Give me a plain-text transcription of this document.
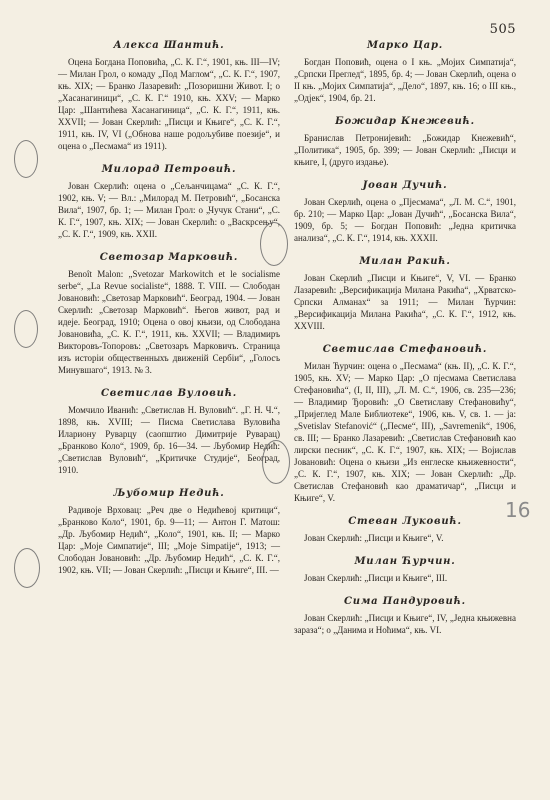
505
Алекса Шантић.

Оцена Богдана Поповића, „С. К. Г.“, 1901, књ. III—IV; — Милан Грол, о комаду „Под Маглом“, „С. К. Г.“, 1907, књ. XIX; — Бранко Лазаревић: „Позоришни Живот. I; о „Хасанагиници“, „С. К. Г.“ 1910, књ. XXV; — Марко Цар: „Шантићева Хасанагиница“, „С. К. Г.“, 1911, књ. XXVII; — Јован Скерлић: „Писци и Књиге“, „С. К. Г.“, 1911, књ. IV, VI („Обнова наше родољубиве поезије“, и оцена о „Песмама“ из 1911).

Милорад Петровић.

Јован Скерлић: оцена о „Сељанчицама“ „С. К. Г.“, 1902, књ. V; — Вл.: „Милорад М. Петровић“, „Босанска Вила“, 1907, бр. 1; — Милан Грол: о „Чучук Стани“, „С. К. Г.“, 1907, књ. XIX; — Јован Скерлић: о „Васкрсењу“, „С. К. Г.“, 1909, књ. XXII.

Светозар Марковић.

Benoît Malon: „Svetozar Markowitch et le socialisme serbe“, „La Revue socialiste“, 1888. T. VIII. — Слободан Јовановић: „Светозар Марковић“. Београд, 1904. — Јован Скерлић: „Светозар Марковић“. Његов живот, рад и идеје. Београд, 1910; Оцена о овој књизи, од Слободана Јовановића, „С. К. Г.“, 1911, књ. XXVII; — Владимиръ Викторовъ-Топоровъ: „Светозаръ Марковичъ. Страница изъ исторіи общественныхъ движеній Сербіи“, „Голосъ Минувшаго“, 1913. № 3.

Светислав Вуловић.

Момчило Иванић: „Светислав Н. Вуловић“. „Г. Н. Ч.“, 1898, књ. XVIII; — Писма Светислава Вуловића Илариону Руварцу (саопштио Димитрије Руварац) „Бранково Коло“, 1909, бр. 16—34. — Љубомир Недић: „Светислав Вуловић“, „Критичке Студије“, Београд, 1910.

Љубомир Недић.

Радивоје Врховац: „Реч две о Недићевој критици“, „Бранково Коло“, 1901, бр. 9—11; — Антон Г. Матош: „Др. Љубомир Недић“, „Коло“, 1901, књ. II; — Марко Цар: „Моје Симпатије“, III; „Moje Simpatije“, 1913; — Слободан Јовановић: „Др. Љубомир Недић“, „С. К. Г.“, 1902, књ. VII; — Јован Скерлић: „Писци и Књиге“, III. —

Марко Цар.

Богдан Поповић, оцена о I књ. „Мојих Симпатија“, „Српски Преглед“, 1895, бр. 4; — Јован Скерлић, оцена о II књ. „Мојих Симпатија“, „Дело“, 1897, књ. 16; о III књ., „Одјек“, 1904, бр. 21.

Божидар Кнежевић.

Бранислав Петронијевић: „Божидар Кнежевић“, „Политика“, 1905, бр. 399; — Јован Скерлић: „Писци и књиге, I, (друго издање).

Јован Дучић.

Јован Скерлић, оцена о „Пјесмама“, „Л. М. С.“, 1901, бр. 210; — Марко Цар: „Јован Дучић“, „Босанска Вила“, 1909, бр. 5; — Богдан Поповић: „Једна критичка анализа“, „С. К. Г.“, 1914, књ. XXXII.

Милан Ракић.

Јован Скерлић „Писци и Књиге“, V, VI. — Бранко Лазаревић: „Версификација Милана Ракића“, „Хрватско-Српски Алманах“ за 1911; — Милан Ћурчин: „Версификација Милана Ракића“, „С. К. Г.“, 1912, књ. XXVIII.

Светислав Стефановић.

Милан Ћурчин: оцена о „Песмама“ (књ. II), „С. К. Г.“, 1905, књ. XV; — Марко Цар: „О пјесмама Светислава Стефановића“, (I, II, III), „Л. М. С.“, 1906, св. 235—236; — Владимир Ђоровић: „О Светиславу Стефановићу“, „Пријеглед Мале Библиотеке“, 1906, књ. V, св. 1. — ja: „Svetislav Stefanović“ („Песме“, III), „Savremenik“, 1906, св. III; — Бранко Лазаревић: „Светислав Стефановић као лирски песник“, „С. К. Г.“, 1907, књ. XIX; — Војислав Јовановић: Оцена о књизи „Из енглеске књижевности“, „С. К. Г.“, 1907, књ. XIX; — Јован Скерлић: „Др. Светислав Стефановић као драматичар“, „Писци и Књиге“, V.

Стеван Луковић.

Јован Скерлић: „Писци и Књиге“, V.

Милан Ћурчин.

Јован Скерлић: „Писци и Књиге“, III.

Сима Пандуровић.

Јован Скерлић: „Писци и Књиге“, IV, „Једна књижевна зараза“; о „Данима и Ноћима“, књ. VI.

16
